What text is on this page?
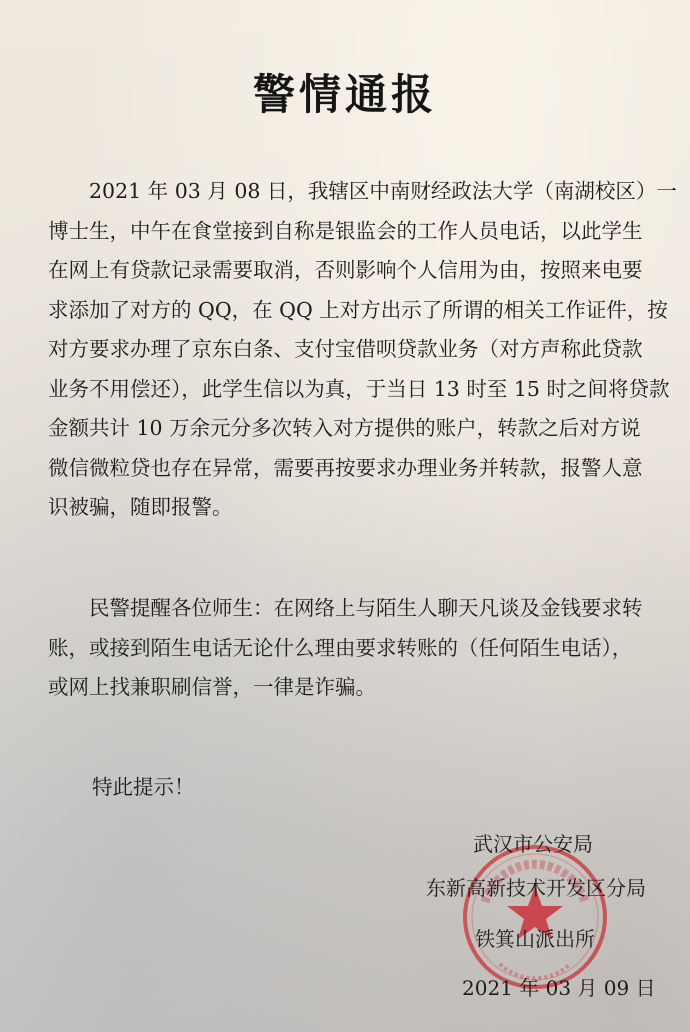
警情通报
　　2021 年 03 月 08 日，我辖区中南财经政法大学（南湖校区）一
博士生，中午在食堂接到自称是银监会的工作人员电话，以此学生
在网上有贷款记录需要取消，否则影响个人信用为由，按照来电要
求添加了对方的 QQ，在 QQ 上对方出示了所谓的相关工作证件，按
对方要求办理了京东白条、支付宝借呗贷款业务（对方声称此贷款
业务不用偿还），此学生信以为真，于当日 13 时至 15 时之间将贷款
金额共计 10 万余元分多次转入对方提供的账户，转款之后对方说
微信微粒贷也存在异常，需要再按要求办理业务并转款，报警人意
识被骗，随即报警。
　　民警提醒各位师生：在网络上与陌生人聊天凡谈及金钱要求转
账，或接到陌生电话无论什么理由要求转账的（任何陌生电话），
或网上找兼职刷信誉，一律是诈骗。
特此提示！
武汉市公安局
东新高新技术开发区分局
铁箕山派出所
2021 年 03 月 09 日
